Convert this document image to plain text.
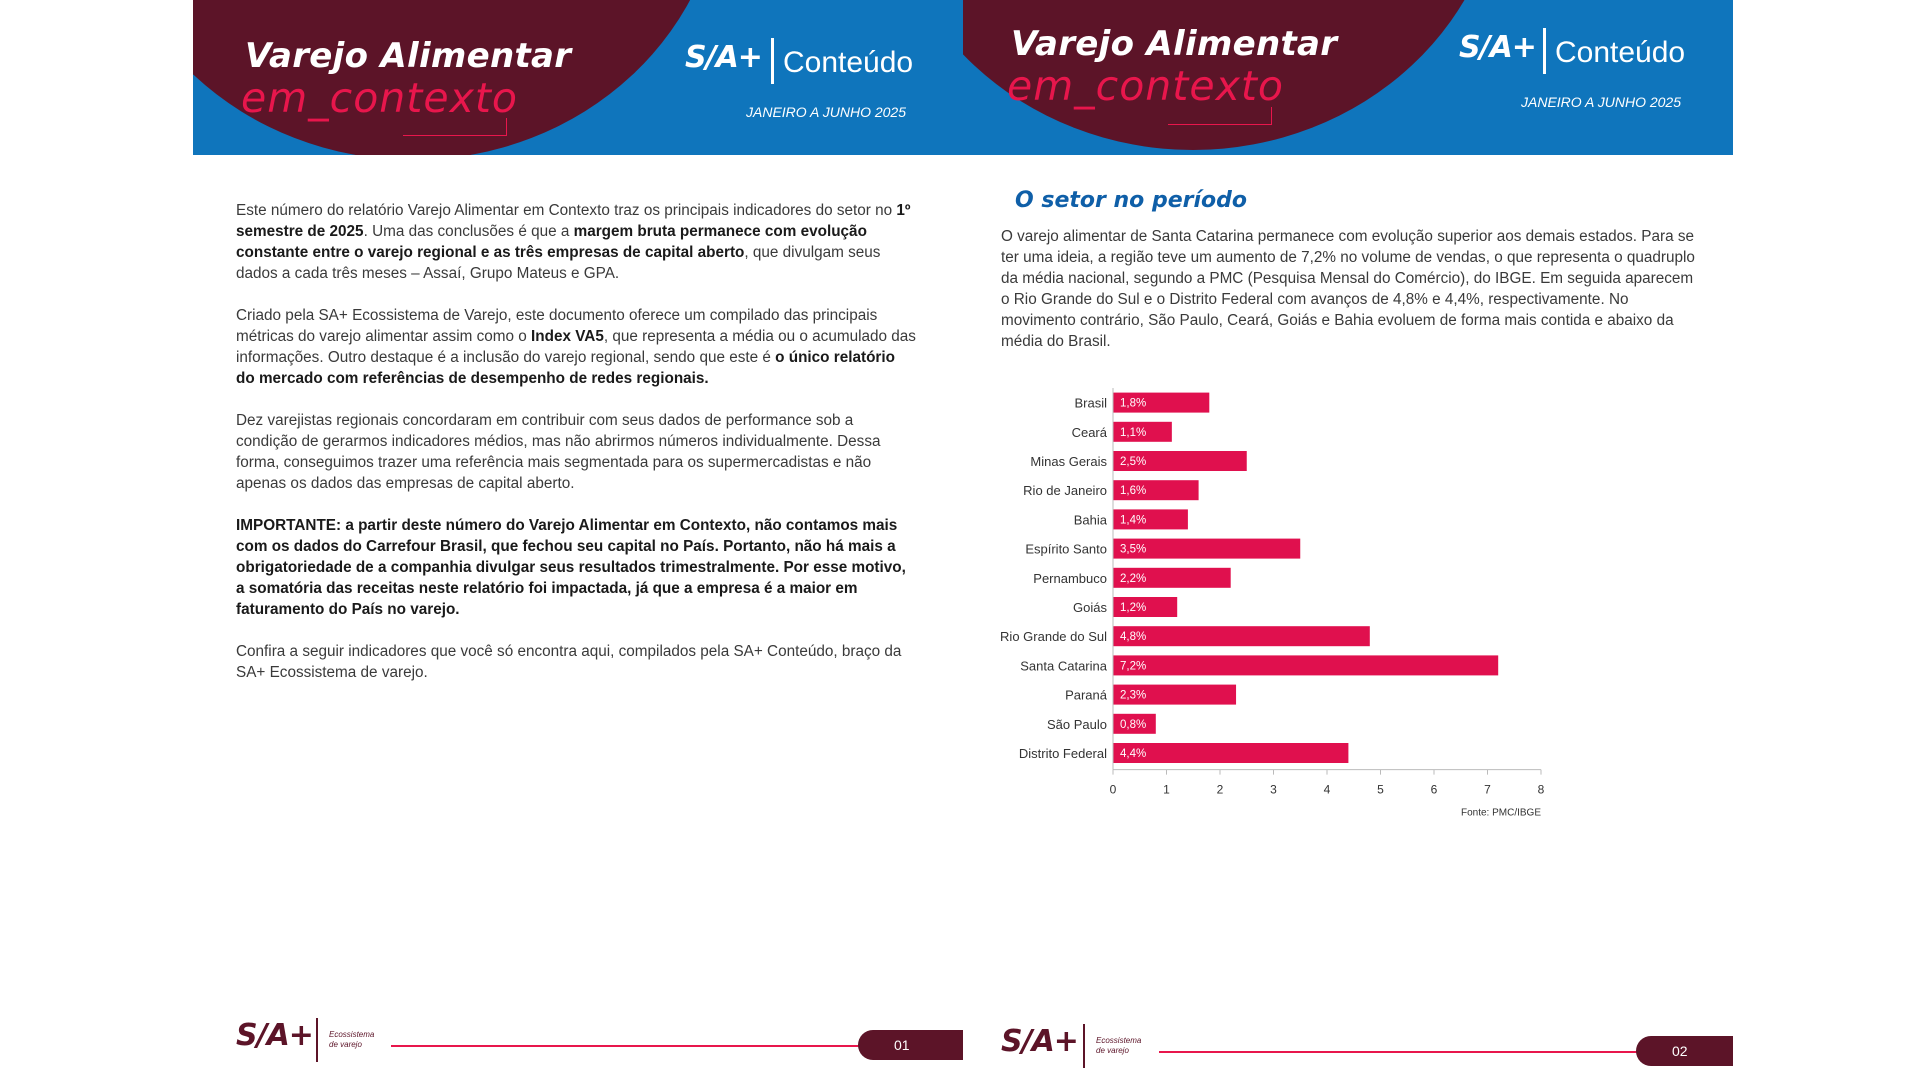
Varejo Alimentar
em_contexto
S/A+ Conteúdo
JANEIRO A JUNHO 2025

Este número do relatório Varejo Alimentar em Contexto traz os principais indicadores do setor no 1º semestre de 2025. Uma das conclusões é que a margem bruta permanece com evolução constante entre o varejo regional e as três empresas de capital aberto, que divulgam seus dados a cada três meses – Assaí, Grupo Mateus e GPA.

Criado pela SA+ Ecossistema de Varejo, este documento oferece um compilado das principais métricas do varejo alimentar assim como o Index VA5, que representa a média ou o acumulado das informações. Outro destaque é a inclusão do varejo regional, sendo que este é o único relatório do mercado com referências de desempenho de redes regionais.

Dez varejistas regionais concordaram em contribuir com seus dados de performance sob a condição de gerarmos indicadores médios, mas não abrirmos números individualmente. Dessa forma, conseguimos trazer uma referência mais segmentada para os supermercadistas e não apenas os dados das empresas de capital aberto.

IMPORTANTE: a partir deste número do Varejo Alimentar em Contexto, não contamos mais com os dados do Carrefour Brasil, que fechou seu capital no País. Portanto, não há mais a obrigatoriedade de a companhia divulgar seus resultados trimestralmente. Por esse motivo, a somatória das receitas neste relatório foi impactada, já que a empresa é a maior em faturamento do País no varejo.

Confira a seguir indicadores que você só encontra aqui, compilados pela SA+ Conteúdo, braço da SA+ Ecossistema de varejo.

S/A+ Ecossistema
de varejo	01
Varejo Alimentar
em_contexto
S/A+ Conteúdo
JANEIRO A JUNHO 2025
O setor no período
O varejo alimentar de Santa Catarina permanece com evolução superior aos demais estados. Para se ter uma ideia, a região teve um aumento de 7,2% no volume de vendas, o que representa o quadruplo da média nacional, segundo a PMC (Pesquisa Mensal do Comércio), do IBGE. Em seguida aparecem o Rio Grande do Sul e o Distrito Federal com avanços de 4,8% e 4,4%, respectivamente. No movimento contrário, São Paulo, Ceará, Goiás e Bahia evoluem de forma mais contida e abaixo da média do Brasil.
Brasil 1,8%
Ceará 1,1%
Minas Gerais 2,5%
Rio de Janeiro 1,6%
Bahia 1,4%
Espírito Santo 3,5%
Pernambuco 2,2%
Goiás 1,2%
Rio Grande do Sul 4,8%
Santa Catarina 7,2%
Paraná 2,3%
São Paulo 0,8%
Distrito Federal 4,4%
0	1	2	3	4	5	6	7	8
Fonte: PMC/IBGE
S/A+ Ecossistema
de varejo	02
